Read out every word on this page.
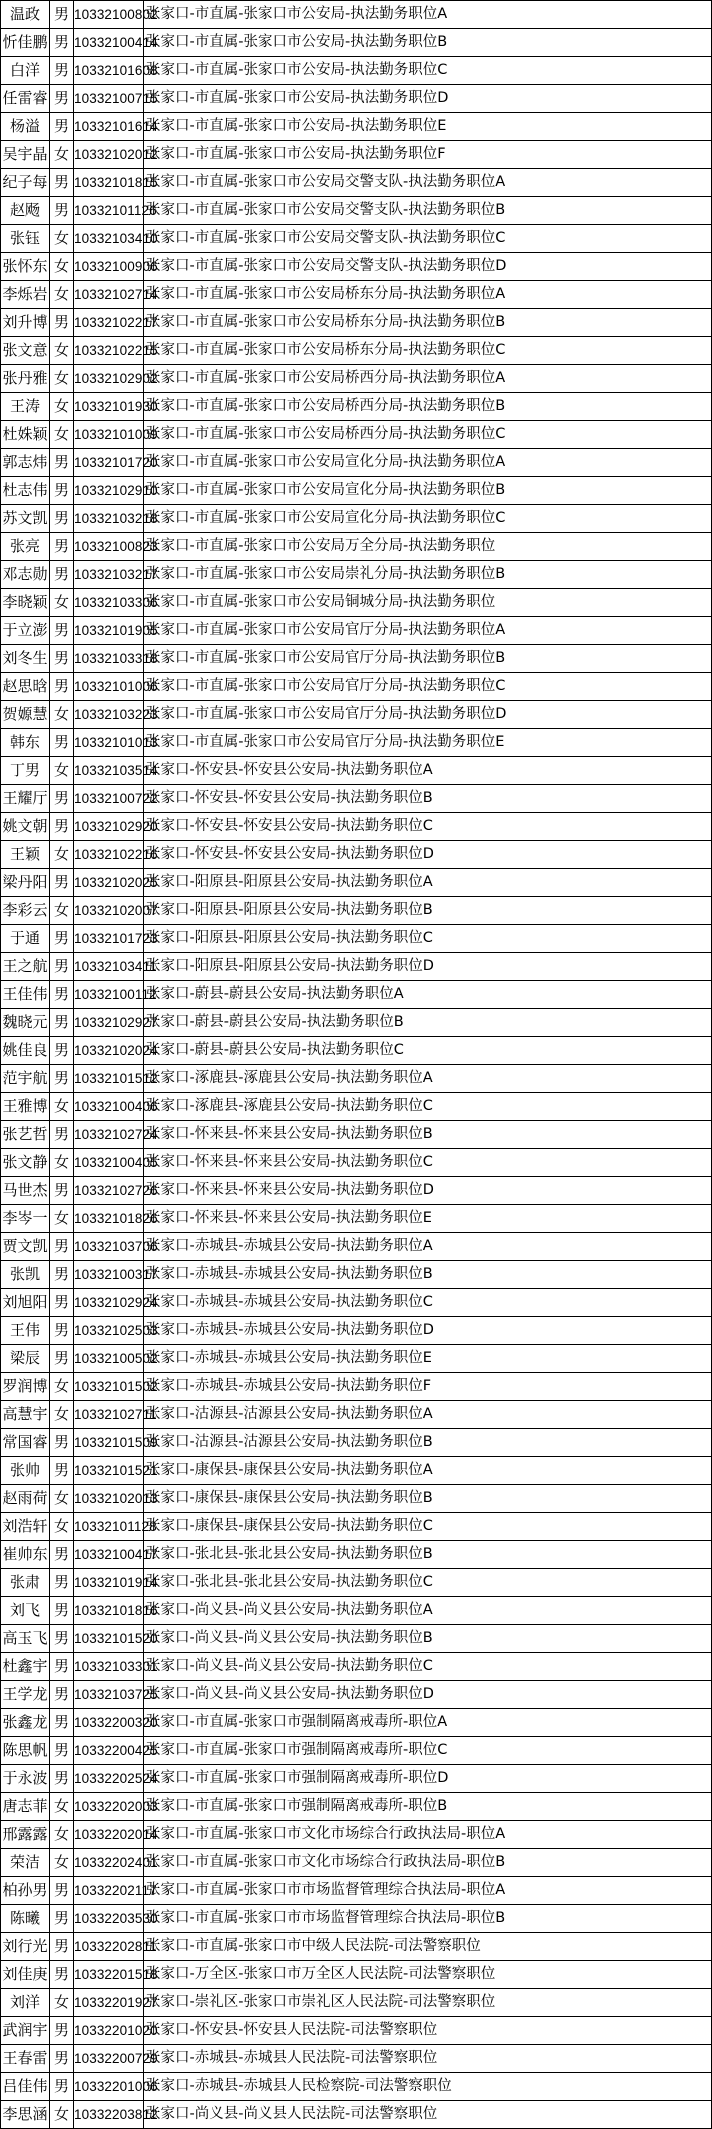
温政	男	10332100802	张家口-市直属-张家口市公安局-执法勤务职位A
忻佳鹏	男	10332100414	张家口-市直属-张家口市公安局-执法勤务职位B
白洋	男	10332101608	张家口-市直属-张家口市公安局-执法勤务职位C
任雷睿	男	10332100715	张家口-市直属-张家口市公安局-执法勤务职位D
杨溢	男	10332101614	张家口-市直属-张家口市公安局-执法勤务职位E
吴宇晶	女	10332102012	张家口-市直属-张家口市公安局-执法勤务职位F
纪子每	男	10332101815	张家口-市直属-张家口市公安局交警支队-执法勤务职位A
赵飏	男	10332101126	张家口-市直属-张家口市公安局交警支队-执法勤务职位B
张钰	女	10332103410	张家口-市直属-张家口市公安局交警支队-执法勤务职位C
张怀东	女	10332100906	张家口-市直属-张家口市公安局交警支队-执法勤务职位D
李烁岩	女	10332102714	张家口-市直属-张家口市公安局桥东分局-执法勤务职位A
刘升博	男	10332102217	张家口-市直属-张家口市公安局桥东分局-执法勤务职位B
张文意	女	10332102215	张家口-市直属-张家口市公安局桥东分局-执法勤务职位C
张丹雅	女	10332102902	张家口-市直属-张家口市公安局桥西分局-执法勤务职位A
王涛	女	10332101930	张家口-市直属-张家口市公安局桥西分局-执法勤务职位B
杜姝颖	女	10332101009	张家口-市直属-张家口市公安局桥西分局-执法勤务职位C
郭志炜	男	10332101720	张家口-市直属-张家口市公安局宣化分局-执法勤务职位A
杜志伟	男	10332102910	张家口-市直属-张家口市公安局宣化分局-执法勤务职位B
苏文凯	男	10332103218	张家口-市直属-张家口市公安局宣化分局-执法勤务职位C
张亮	男	10332100823	张家口-市直属-张家口市公安局万全分局-执法勤务职位
邓志勋	男	10332103217	张家口-市直属-张家口市公安局崇礼分局-执法勤务职位B
李晓颖	女	10332103306	张家口-市直属-张家口市公安局铜城分局-执法勤务职位
于立澎	男	10332101905	张家口-市直属-张家口市公安局官厅分局-执法勤务职位A
刘冬生	男	10332103318	张家口-市直属-张家口市公安局官厅分局-执法勤务职位B
赵思晗	男	10332101006	张家口-市直属-张家口市公安局官厅分局-执法勤务职位C
贺嫄慧	女	10332103223	张家口-市直属-张家口市公安局官厅分局-执法勤务职位D
韩东	男	10332101013	张家口-市直属-张家口市公安局官厅分局-执法勤务职位E
丁男	女	10332103514	张家口-怀安县-怀安县公安局-执法勤务职位A
王耀厅	男	10332100722	张家口-怀安县-怀安县公安局-执法勤务职位B
姚文朝	男	10332102920	张家口-怀安县-怀安县公安局-执法勤务职位C
王颖	女	10332102216	张家口-怀安县-怀安县公安局-执法勤务职位D
梁丹阳	男	10332102025	张家口-阳原县-阳原县公安局-执法勤务职位A
李彩云	女	10332102007	张家口-阳原县-阳原县公安局-执法勤务职位B
于通	男	10332101723	张家口-阳原县-阳原县公安局-执法勤务职位C
王之航	男	10332103411	张家口-阳原县-阳原县公安局-执法勤务职位D
王佳伟	男	10332100112	张家口-蔚县-蔚县公安局-执法勤务职位A
魏晓元	男	10332102927	张家口-蔚县-蔚县公安局-执法勤务职位B
姚佳良	男	10332102024	张家口-蔚县-蔚县公安局-执法勤务职位C
范宇航	男	10332101512	张家口-涿鹿县-涿鹿县公安局-执法勤务职位A
王雅博	女	10332100406	张家口-涿鹿县-涿鹿县公安局-执法勤务职位C
张艺哲	男	10332102724	张家口-怀来县-怀来县公安局-执法勤务职位B
张文静	女	10332100405	张家口-怀来县-怀来县公安局-执法勤务职位C
马世杰	男	10332102726	张家口-怀来县-怀来县公安局-执法勤务职位D
李岑一	女	10332101826	张家口-怀来县-怀来县公安局-执法勤务职位E
贾文凯	男	10332103706	张家口-赤城县-赤城县公安局-执法勤务职位A
张凯	男	10332100317	张家口-赤城县-赤城县公安局-执法勤务职位B
刘旭阳	男	10332102924	张家口-赤城县-赤城县公安局-执法勤务职位C
王伟	男	10332102503	张家口-赤城县-赤城县公安局-执法勤务职位D
梁辰	男	10332100502	张家口-赤城县-赤城县公安局-执法勤务职位E
罗润博	女	10332101502	张家口-赤城县-赤城县公安局-执法勤务职位F
高慧宇	女	10332102711	张家口-沽源县-沽源县公安局-执法勤务职位A
常国睿	男	10332101509	张家口-沽源县-沽源县公安局-执法勤务职位B
张帅	男	10332101521	张家口-康保县-康保县公安局-执法勤务职位A
赵雨荷	女	10332102013	张家口-康保县-康保县公安局-执法勤务职位B
刘浩轩	女	10332101128	张家口-康保县-康保县公安局-执法勤务职位C
崔帅东	男	10332100417	张家口-张北县-张北县公安局-执法勤务职位B
张肃	男	10332101914	张家口-张北县-张北县公安局-执法勤务职位C
刘飞	男	10332101816	张家口-尚义县-尚义县公安局-执法勤务职位A
高玉飞	男	10332101520	张家口-尚义县-尚义县公安局-执法勤务职位B
杜鑫宇	男	10332103301	张家口-尚义县-尚义县公安局-执法勤务职位C
王学龙	男	10332103725	张家口-尚义县-尚义县公安局-执法勤务职位D
张鑫龙	男	10332200320	张家口-市直属-张家口市强制隔离戒毒所-职位A
陈思帆	男	10332200425	张家口-市直属-张家口市强制隔离戒毒所-职位C
于永波	男	10332202524	张家口-市直属-张家口市强制隔离戒毒所-职位D
唐志菲	女	10332202003	张家口-市直属-张家口市强制隔离戒毒所-职位B
邢露露	女	10332202014	张家口-市直属-张家口市文化市场综合行政执法局-职位A
荣洁	女	10332202401	张家口-市直属-张家口市文化市场综合行政执法局-职位B
柏孙男	男	10332202117	张家口-市直属-张家口市市场监督管理综合执法局-职位A
陈曦	男	10332203530	张家口-市直属-张家口市市场监督管理综合执法局-职位B
刘行光	男	10332202811	张家口-市直属-张家口市中级人民法院-司法警察职位
刘佳庚	男	10332201518	张家口-万全区-张家口市万全区人民法院-司法警察职位
刘洋	女	10332201927	张家口-崇礼区-张家口市崇礼区人民法院-司法警察职位
武润宇	男	10332201020	张家口-怀安县-怀安县人民法院-司法警察职位
王春雷	男	10332200729	张家口-赤城县-赤城县人民法院-司法警察职位
吕佳伟	男	10332201006	张家口-赤城县-赤城县人民检察院-司法警察职位
李思涵	女	10332203812	张家口-尚义县-尚义县人民法院-司法警察职位
